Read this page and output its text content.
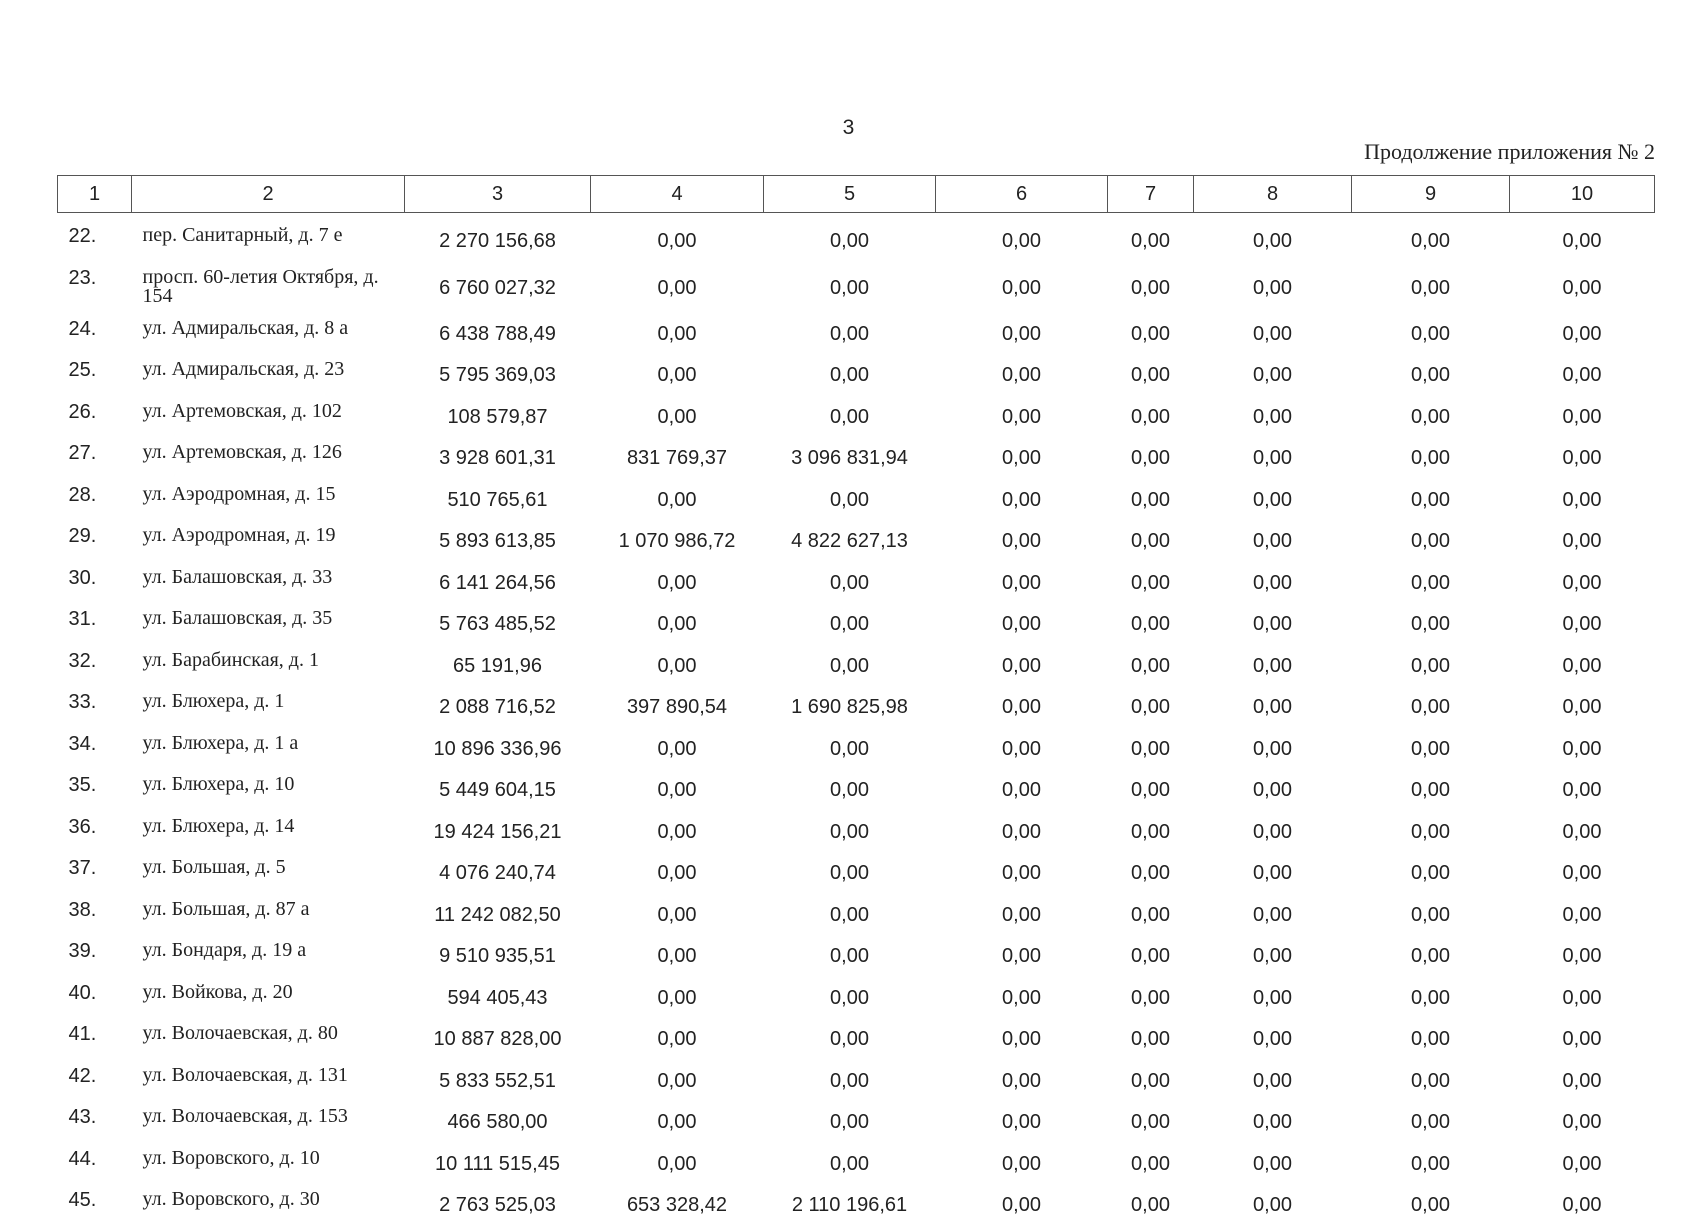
3
Продолжение приложения № 2
1	2	3	4	5	6	7	8	9	10

22.	пер. Санитарный, д. 7 е	2 270 156,68	0,00	0,00	0,00	0,00	0,00	0,00	0,00
23.	просп. 60-летия Октября, д. 154	6 760 027,32	0,00	0,00	0,00	0,00	0,00	0,00	0,00
24.	ул. Адмиральская, д. 8 а	6 438 788,49	0,00	0,00	0,00	0,00	0,00	0,00	0,00
25.	ул. Адмиральская, д. 23	5 795 369,03	0,00	0,00	0,00	0,00	0,00	0,00	0,00
26.	ул. Артемовская, д. 102	108 579,87	0,00	0,00	0,00	0,00	0,00	0,00	0,00
27.	ул. Артемовская, д. 126	3 928 601,31	831 769,37	3 096 831,94	0,00	0,00	0,00	0,00	0,00
28.	ул. Аэродромная, д. 15	510 765,61	0,00	0,00	0,00	0,00	0,00	0,00	0,00
29.	ул. Аэродромная, д. 19	5 893 613,85	1 070 986,72	4 822 627,13	0,00	0,00	0,00	0,00	0,00
30.	ул. Балашовская, д. 33	6 141 264,56	0,00	0,00	0,00	0,00	0,00	0,00	0,00
31.	ул. Балашовская, д. 35	5 763 485,52	0,00	0,00	0,00	0,00	0,00	0,00	0,00
32.	ул. Барабинская, д. 1	65 191,96	0,00	0,00	0,00	0,00	0,00	0,00	0,00
33.	ул. Блюхера, д. 1	2 088 716,52	397 890,54	1 690 825,98	0,00	0,00	0,00	0,00	0,00
34.	ул. Блюхера, д. 1 а	10 896 336,96	0,00	0,00	0,00	0,00	0,00	0,00	0,00
35.	ул. Блюхера, д. 10	5 449 604,15	0,00	0,00	0,00	0,00	0,00	0,00	0,00
36.	ул. Блюхера, д. 14	19 424 156,21	0,00	0,00	0,00	0,00	0,00	0,00	0,00
37.	ул. Большая, д. 5	4 076 240,74	0,00	0,00	0,00	0,00	0,00	0,00	0,00
38.	ул. Большая, д. 87 а	11 242 082,50	0,00	0,00	0,00	0,00	0,00	0,00	0,00
39.	ул. Бондаря, д. 19 а	9 510 935,51	0,00	0,00	0,00	0,00	0,00	0,00	0,00
40.	ул. Войкова, д. 20	594 405,43	0,00	0,00	0,00	0,00	0,00	0,00	0,00
41.	ул. Волочаевская, д. 80	10 887 828,00	0,00	0,00	0,00	0,00	0,00	0,00	0,00
42.	ул. Волочаевская, д. 131	5 833 552,51	0,00	0,00	0,00	0,00	0,00	0,00	0,00
43.	ул. Волочаевская, д. 153	466 580,00	0,00	0,00	0,00	0,00	0,00	0,00	0,00
44.	ул. Воровского, д. 10	10 111 515,45	0,00	0,00	0,00	0,00	0,00	0,00	0,00
45.	ул. Воровского, д. 30	2 763 525,03	653 328,42	2 110 196,61	0,00	0,00	0,00	0,00	0,00
